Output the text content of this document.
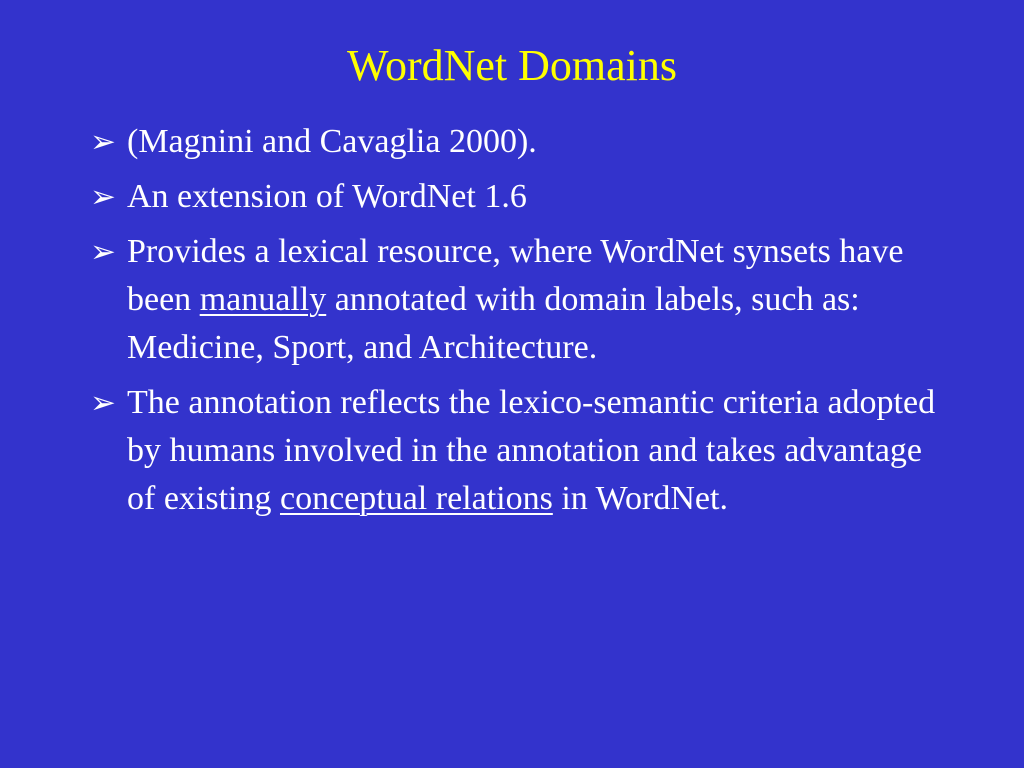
WordNet Domains
➢ (Magnini and Cavaglia 2000).
➢ An extension of WordNet 1.6
➢ Provides a lexical resource, where WordNet synsets have been manually annotated with domain labels, such as: Medicine, Sport, and Architecture.
➢ The annotation reflects the lexico-semantic criteria adopted by humans involved in the annotation and takes advantage of existing conceptual relations in WordNet.
